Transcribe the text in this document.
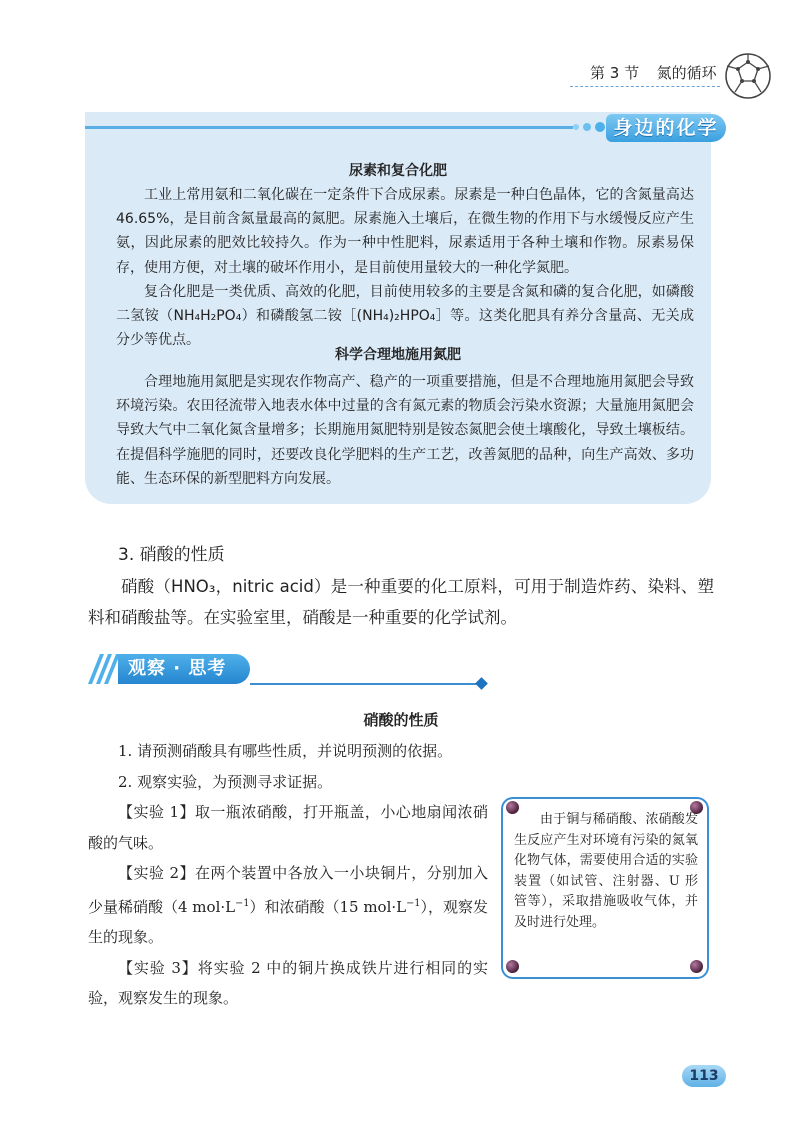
第 3 节 氮的循环
身边的化学
尿素和复合化肥

工业上常用氨和二氧化碳在一定条件下合成尿素。尿素是一种白色晶体，它的含氮量高达46.65%，是目前含氮量最高的氮肥。尿素施入土壤后，在微生物的作用下与水缓慢反应产生氨，因此尿素的肥效比较持久。作为一种中性肥料，尿素适用于各种土壤和作物。尿素易保存，使用方便，对土壤的破坏作用小，是目前使用量较大的一种化学氮肥。

复合化肥是一类优质、高效的化肥，目前使用较多的主要是含氮和磷的复合化肥，如磷酸二氢铵（NH₄H₂PO₄）和磷酸氢二铵［(NH₄)₂HPO₄］等。这类化肥具有养分含量高、无关成分少等优点。

科学合理地施用氮肥

合理地施用氮肥是实现农作物高产、稳产的一项重要措施，但是不合理地施用氮肥会导致环境污染。农田径流带入地表水体中过量的含有氮元素的物质会污染水资源；大量施用氮肥会导致大气中二氧化氮含量增多；长期施用氮肥特别是铵态氮肥会使土壤酸化，导致土壤板结。在提倡科学施肥的同时，还要改良化学肥料的生产工艺，改善氮肥的品种，向生产高效、多功能、生态环保的新型肥料方向发展。

3. 硝酸的性质
硝酸（HNO₃，nitric acid）是一种重要的化工原料，可用于制造炸药、染料、塑料和硝酸盐等。在实验室里，硝酸是一种重要的化学试剂。
观察 · 思考
硝酸的性质

1. 请预测硝酸具有哪些性质，并说明预测的依据。

2. 观察实验，为预测寻求证据。

【实验 1】取一瓶浓硝酸，打开瓶盖，小心地扇闻浓硝酸的气味。

【实验 2】在两个装置中各放入一小块铜片，分别加入少量稀硝酸（4 $mol\cdot L^{-1}$）和浓硝酸（15 $mol\cdot L^{-1}$），观察发生的现象。

【实验 3】将实验 2 中的铜片换成铁片进行相同的实验，观察发生的现象。

由于铜与稀硝酸、浓硝酸发生反应产生对环境有污染的氮氧化物气体，需要使用合适的实验装置（如试管、注射器、U 形管等），采取措施吸收气体，并及时进行处理。
113
